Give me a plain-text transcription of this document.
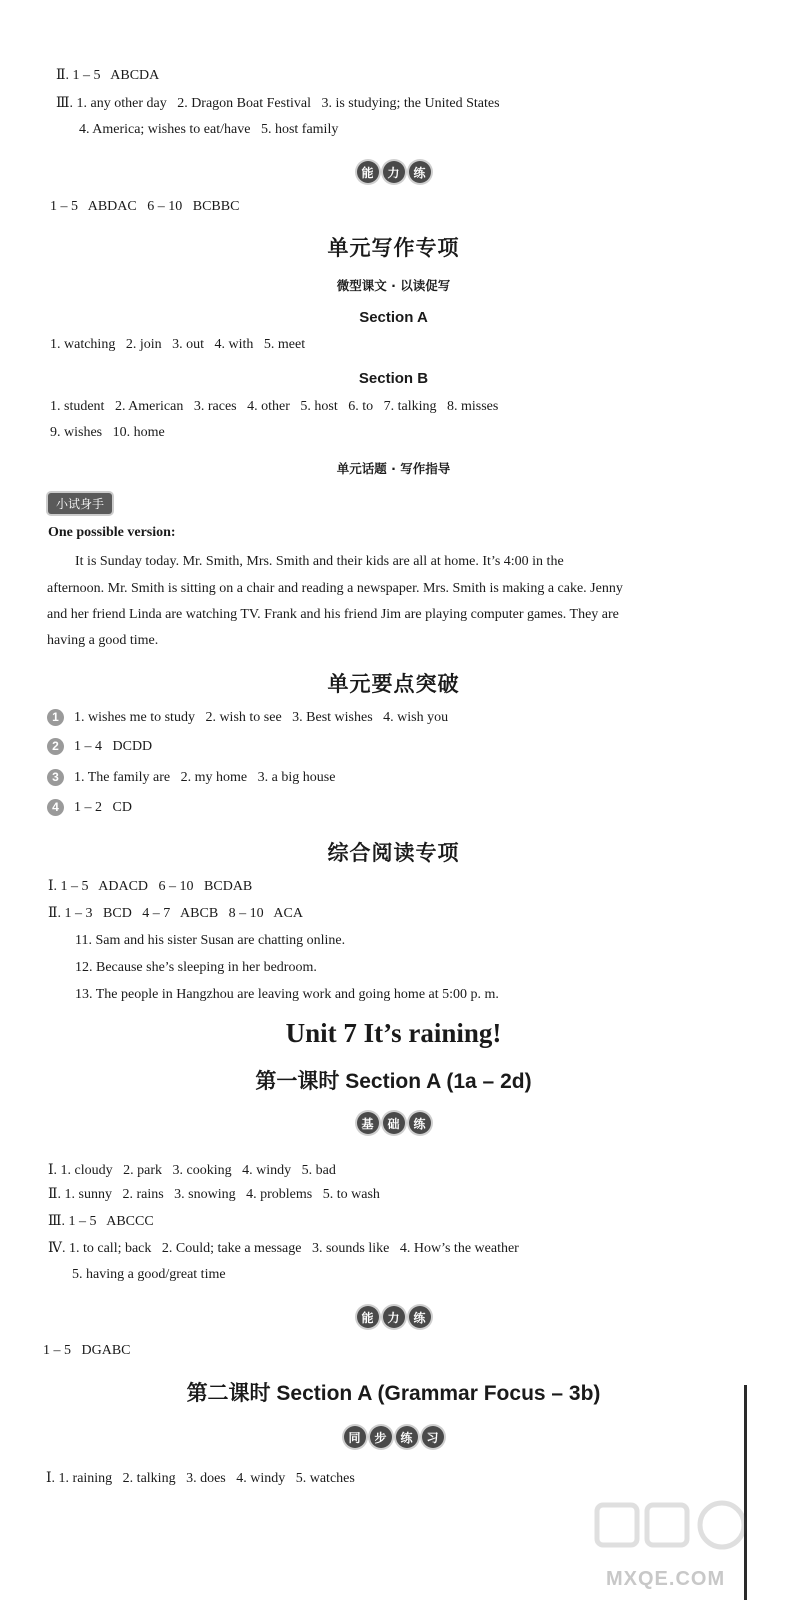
Ⅱ. 1 – 5   ABCDA
Ⅲ. 1. any other day   2. Dragon Boat Festival   3. is studying; the United States
4. America; wishes to eat/have   5. host family
能	力	练
1 – 5   ABDAC   6 – 10   BCBBC
单元写作专项
微型课文 · 以读促写
Section A
1. watching   2. join   3. out   4. with   5. meet
Section B
1. student   2. American   3. races   4. other   5. host   6. to   7. talking   8. misses
9. wishes   10. home
单元话题 · 写作指导
小试身手
One possible version:
It is Sunday today. Mr. Smith, Mrs. Smith and their kids are all at home. It’s 4:00 in the
afternoon. Mr. Smith is sitting on a chair and reading a newspaper. Mrs. Smith is making a cake. Jenny
and her friend Linda are watching TV. Frank and his friend Jim are playing computer games. They are
having a good time.
单元要点突破
1 1. wishes me to study   2. wish to see   3. Best wishes   4. wish you
2 1 – 4   DCDD
3 1. The family are   2. my home   3. a big house
4 1 – 2   CD
综合阅读专项
Ⅰ. 1 – 5   ADACD   6 – 10   BCDAB
Ⅱ. 1 – 3   BCD   4 – 7   ABCB   8 – 10   ACA
11. Sam and his sister Susan are chatting online.
12. Because she’s sleeping in her bedroom.
13. The people in Hangzhou are leaving work and going home at 5:00 p. m.
Unit 7 It’s raining!
第一课时 Section A (1a – 2d)
基	础	练
Ⅰ. 1. cloudy   2. park   3. cooking   4. windy   5. bad
Ⅱ. 1. sunny   2. rains   3. snowing   4. problems   5. to wash
Ⅲ. 1 – 5   ABCCC
Ⅳ. 1. to call; back   2. Could; take a message   3. sounds like   4. How’s the weather
5. having a good/great time
能	力	练
1 – 5   DGABC
第二课时 Section A (Grammar Focus – 3b)
同	步	练	习
Ⅰ. 1. raining   2. talking   3. does   4. windy   5. watches
MXQE.COM
